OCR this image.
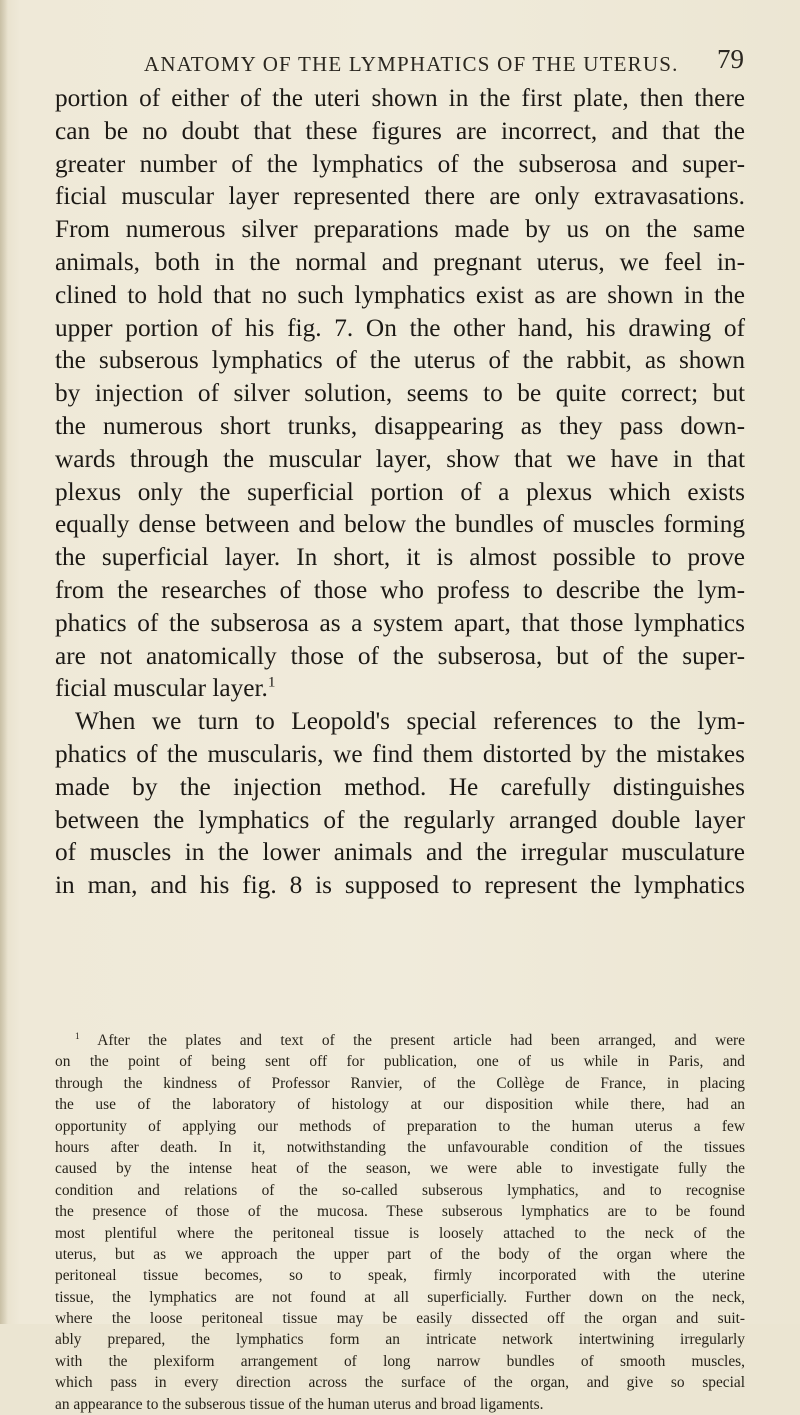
ANATOMY OF THE LYMPHATICS OF THE UTERUS. 79
portion of either of the uteri shown in the first plate, then there
can be no doubt that these figures are incorrect, and that the
greater number of the lymphatics of the subserosa and super-
ficial muscular layer represented there are only extravasations.
From numerous silver preparations made by us on the same
animals, both in the normal and pregnant uterus, we feel in-
clined to hold that no such lymphatics exist as are shown in the
upper portion of his fig. 7. On the other hand, his drawing of
the subserous lymphatics of the uterus of the rabbit, as shown
by injection of silver solution, seems to be quite correct; but
the numerous short trunks, disappearing as they pass down-
wards through the muscular layer, show that we have in that
plexus only the superficial portion of a plexus which exists
equally dense between and below the bundles of muscles forming
the superficial layer. In short, it is almost possible to prove
from the researches of those who profess to describe the lym-
phatics of the subserosa as a system apart, that those lymphatics
are not anatomically those of the subserosa, but of the super-
ficial muscular layer.$^1$
When we turn to Leopold's special references to the lym-
phatics of the muscularis, we find them distorted by the mistakes
made by the injection method. He carefully distinguishes
between the lymphatics of the regularly arranged double layer
of muscles in the lower animals and the irregular musculature
in man, and his fig. 8 is supposed to represent the lymphatics
$^1$ After the plates and text of the present article had been arranged, and were
on the point of being sent off for publication, one of us while in Paris, and
through the kindness of Professor Ranvier, of the Collège de France, in placing
the use of the laboratory of histology at our disposition while there, had an
opportunity of applying our methods of preparation to the human uterus a few
hours after death. In it, notwithstanding the unfavourable condition of the tissues
caused by the intense heat of the season, we were able to investigate fully the
condition and relations of the so-called subserous lymphatics, and to recognise
the presence of those of the mucosa. These subserous lymphatics are to be found
most plentiful where the peritoneal tissue is loosely attached to the neck of the
uterus, but as we approach the upper part of the body of the organ where the
peritoneal tissue becomes, so to speak, firmly incorporated with the uterine
tissue, the lymphatics are not found at all superficially. Further down on the neck,
where the loose peritoneal tissue may be easily dissected off the organ and suit-
ably prepared, the lymphatics form an intricate network intertwining irregularly
with the plexiform arrangement of long narrow bundles of smooth muscles,
which pass in every direction across the surface of the organ, and give so special
an appearance to the subserous tissue of the human uterus and broad ligaments.
